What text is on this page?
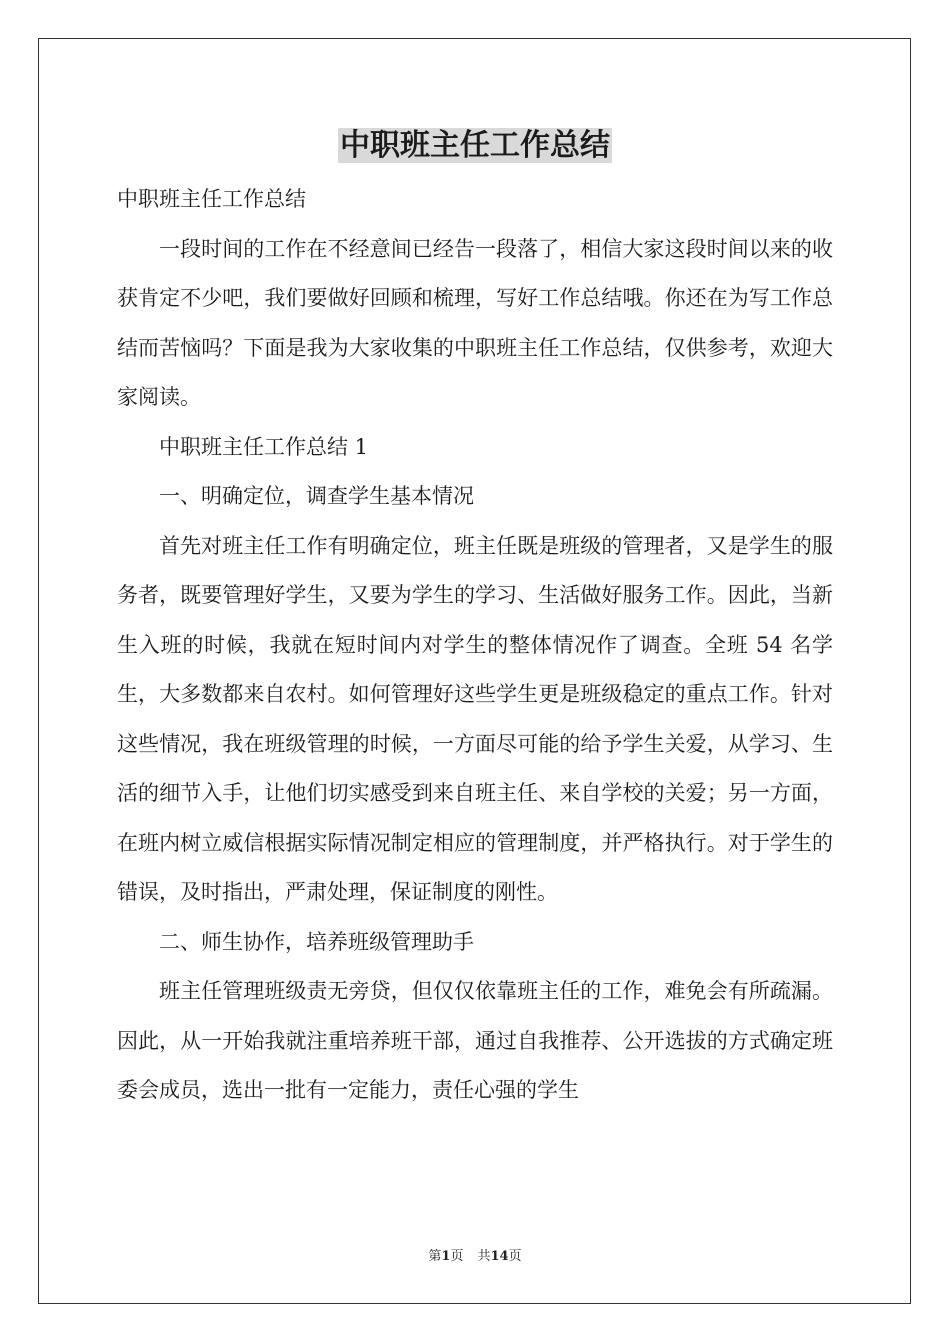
中职班主任工作总结

中职班主任工作总结

一段时间的工作在不经意间已经告一段落了，相信大家这段时间以来的收获肯定不少吧，我们要做好回顾和梳理，写好工作总结哦。你还在为写工作总结而苦恼吗？下面是我为大家收集的中职班主任工作总结，仅供参考，欢迎大家阅读。

中职班主任工作总结 1

一、明确定位，调查学生基本情况

首先对班主任工作有明确定位，班主任既是班级的管理者，又是学生的服务者，既要管理好学生，又要为学生的学习、生活做好服务工作。因此，当新生入班的时候，我就在短时间内对学生的整体情况作了调查。全班 54 名学生，大多数都来自农村。如何管理好这些学生更是班级稳定的重点工作。针对这些情况，我在班级管理的时候，一方面尽可能的给予学生关爱，从学习、生活的细节入手，让他们切实感受到来自班主任、来自学校的关爱；另一方面，在班内树立威信根据实际情况制定相应的管理制度，并严格执行。对于学生的错误，及时指出，严肃处理，保证制度的刚性。

二、师生协作，培养班级管理助手

班主任管理班级责无旁贷，但仅仅依靠班主任的工作，难免会有所疏漏。因此，从一开始我就注重培养班干部，通过自我推荐、公开选拔的方式确定班委会成员，选出一批有一定能力，责任心强的学生

第1页 共14页
